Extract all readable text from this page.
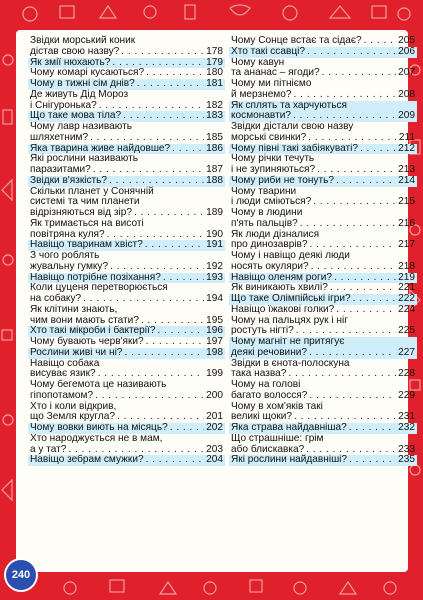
Звідки морський коник
дістав свою назву? . . .	178
Як змії нюхають? . . .	179
Чому комарі кусаються? . . .	180
Чому в тижні сім днів? . . .	181
Де живуть Дід Мороз
і Снігуронька? . . .	182
Що таке мова тіла? . . .	183
Чому лавр називають
шляхетним? . . .	185
Яка тварина живе найдовше? . . .	186
Які рослини називають
паразитами? . . .	187
Звідки в'язкість? . . .	188
Скільки планет у Сонячній
системі та чим планети
відрізняються від зір? . . .	189
Як тримається на висоті
повітряна куля? . . .	190
Навіщо тваринам хвіст? . . .	191
З чого роблять
жувальну гумку? . . .	192
Навіщо потрібне позіхання? . . .	193
Коли цуценя перетворюється
на собаку? . . .	194
Як клітини знають,
чим вони мають стати? . . .	195
Хто такі мікроби і бактерії? . . .	196
Чому бувають черв'яки? . . .	197
Рослини живі чи ні? . . .	198
Навіщо собака
висуває язик? . . .	199
Чому бегемота це називають
гіпопотамом? . . .	200
Хто і коли відкрив,
що Земля кругла? . . .	201
Чому вовки виють на місяць? . . .	202
Хто народжується не в мам,
а у тат? . . .	203
Навіщо зебрам смужки? . . .	204
Чому Сонце встає та сідає? . . .	205
Хто такі ссавці? . . .	206
Чому кавун
та ананас – ягоди? . . .	207
Чому ми пітніємо
й мерзнемо? . . .	208
Як сплять та харчуються
космонавти? . . .	209
Звідки дістали свою назву
морські свинки? . . .	211
Чому півні такі забіякуваті? . . .	212
Чому річки течуть
і не зупиняються? . . .	213
Чому риби не тонуть? . . .	214
Чому тварини
і люди сміються? . . .	215
Чому в людини
п'ять пальців? . . .	216
Як люди дізналися
про динозаврів? . . .	217
Чому і навіщо деякі люди
носять окуляри? . . .	218
Навіщо оленям роги? . . .	219
Як виникають хвилі? . . .	221
Що таке Олімпійські ігри? . . .	222
Навіщо їжакові голки? . . .	224
Чому на пальцях рук і ніг
ростуть нігті? . . .	225
Чому магніт не притягує
деякі речовини? . . .	227
Звідки в єнота-полоскуна
така назва? . . .	228
Чому на голові
багато волосся? . . .	229
Чому в хом'яків такі
великі щоки? . . .	231
Яка страва найдавніша? . . .	232
Що страшніше: грім
або блискавка? . . .	233
Які рослини найдавніші? . . .	235
240
